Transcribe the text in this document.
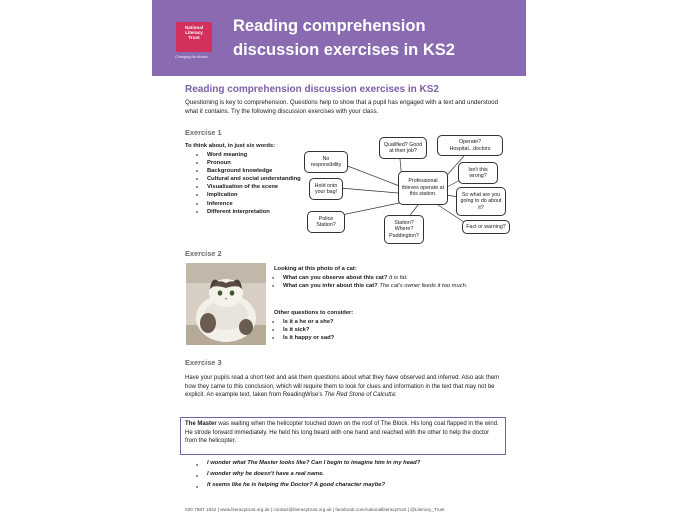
National
Literacy
Trust
Changing life stories
Reading comprehension discussion exercises in KS2
Reading comprehension discussion exercises in KS2
Questioning is key to comprehension. Questions help to show that a pupil has engaged with a text and understood what it contains. Try the following discussion exercises with your class.
Exercise 1
To think about, in just six words:
■ Word meaning
■ Pronoun
■ Background knowledge
■ Cultural and social understanding
■ Visualisation of the scene
■ Implication
■ Inference
■ Different interpretation
No responsibility
Qualified? Good at their job?
Operate? Hospital...doctors
Isn't this wrong?
Hold onto your bag!
Professional thieves operate at this station.	So what are you going to do about it?
Police Station?	Station? Where? Paddington?
Fact or warning?
Exercise 2
Looking at this photo of a cat:
■ What can you observe about this cat? It is fat.
■ What can you infer about this cat? The cat's owner feeds it too much.
Other questions to consider:
■ Is it a he or a she?
■ Is it sick?
■ Is it happy or sad?
Exercise 3
Have your pupils read a short text and ask them questions about what they have observed and inferred. Also ask them how they came to this conclusion, which will require them to look for clues and information in the text that may not be explicit. An example text, taken from ReadingWise's The Red Stone of Calcutta:
The Master was waiting when the helicopter touched down on the roof of The Block. His long coat flapped in the wind. He strode forward immediately. He held his long beard with one hand and reached with the other to help the doctor from the helicopter.
■ I wonder what The Master looks like? Can I begin to imagine him in my head?
■ I wonder why he doesn't have a real name.
■ It seems like he is helping the Doctor? A good character maybe?
020 7587 1842 | www.literacytrust.org.uk | contact@literacytrust.org.uk | facebook.com/nationalliteracytrust | @Literacy_Trust
